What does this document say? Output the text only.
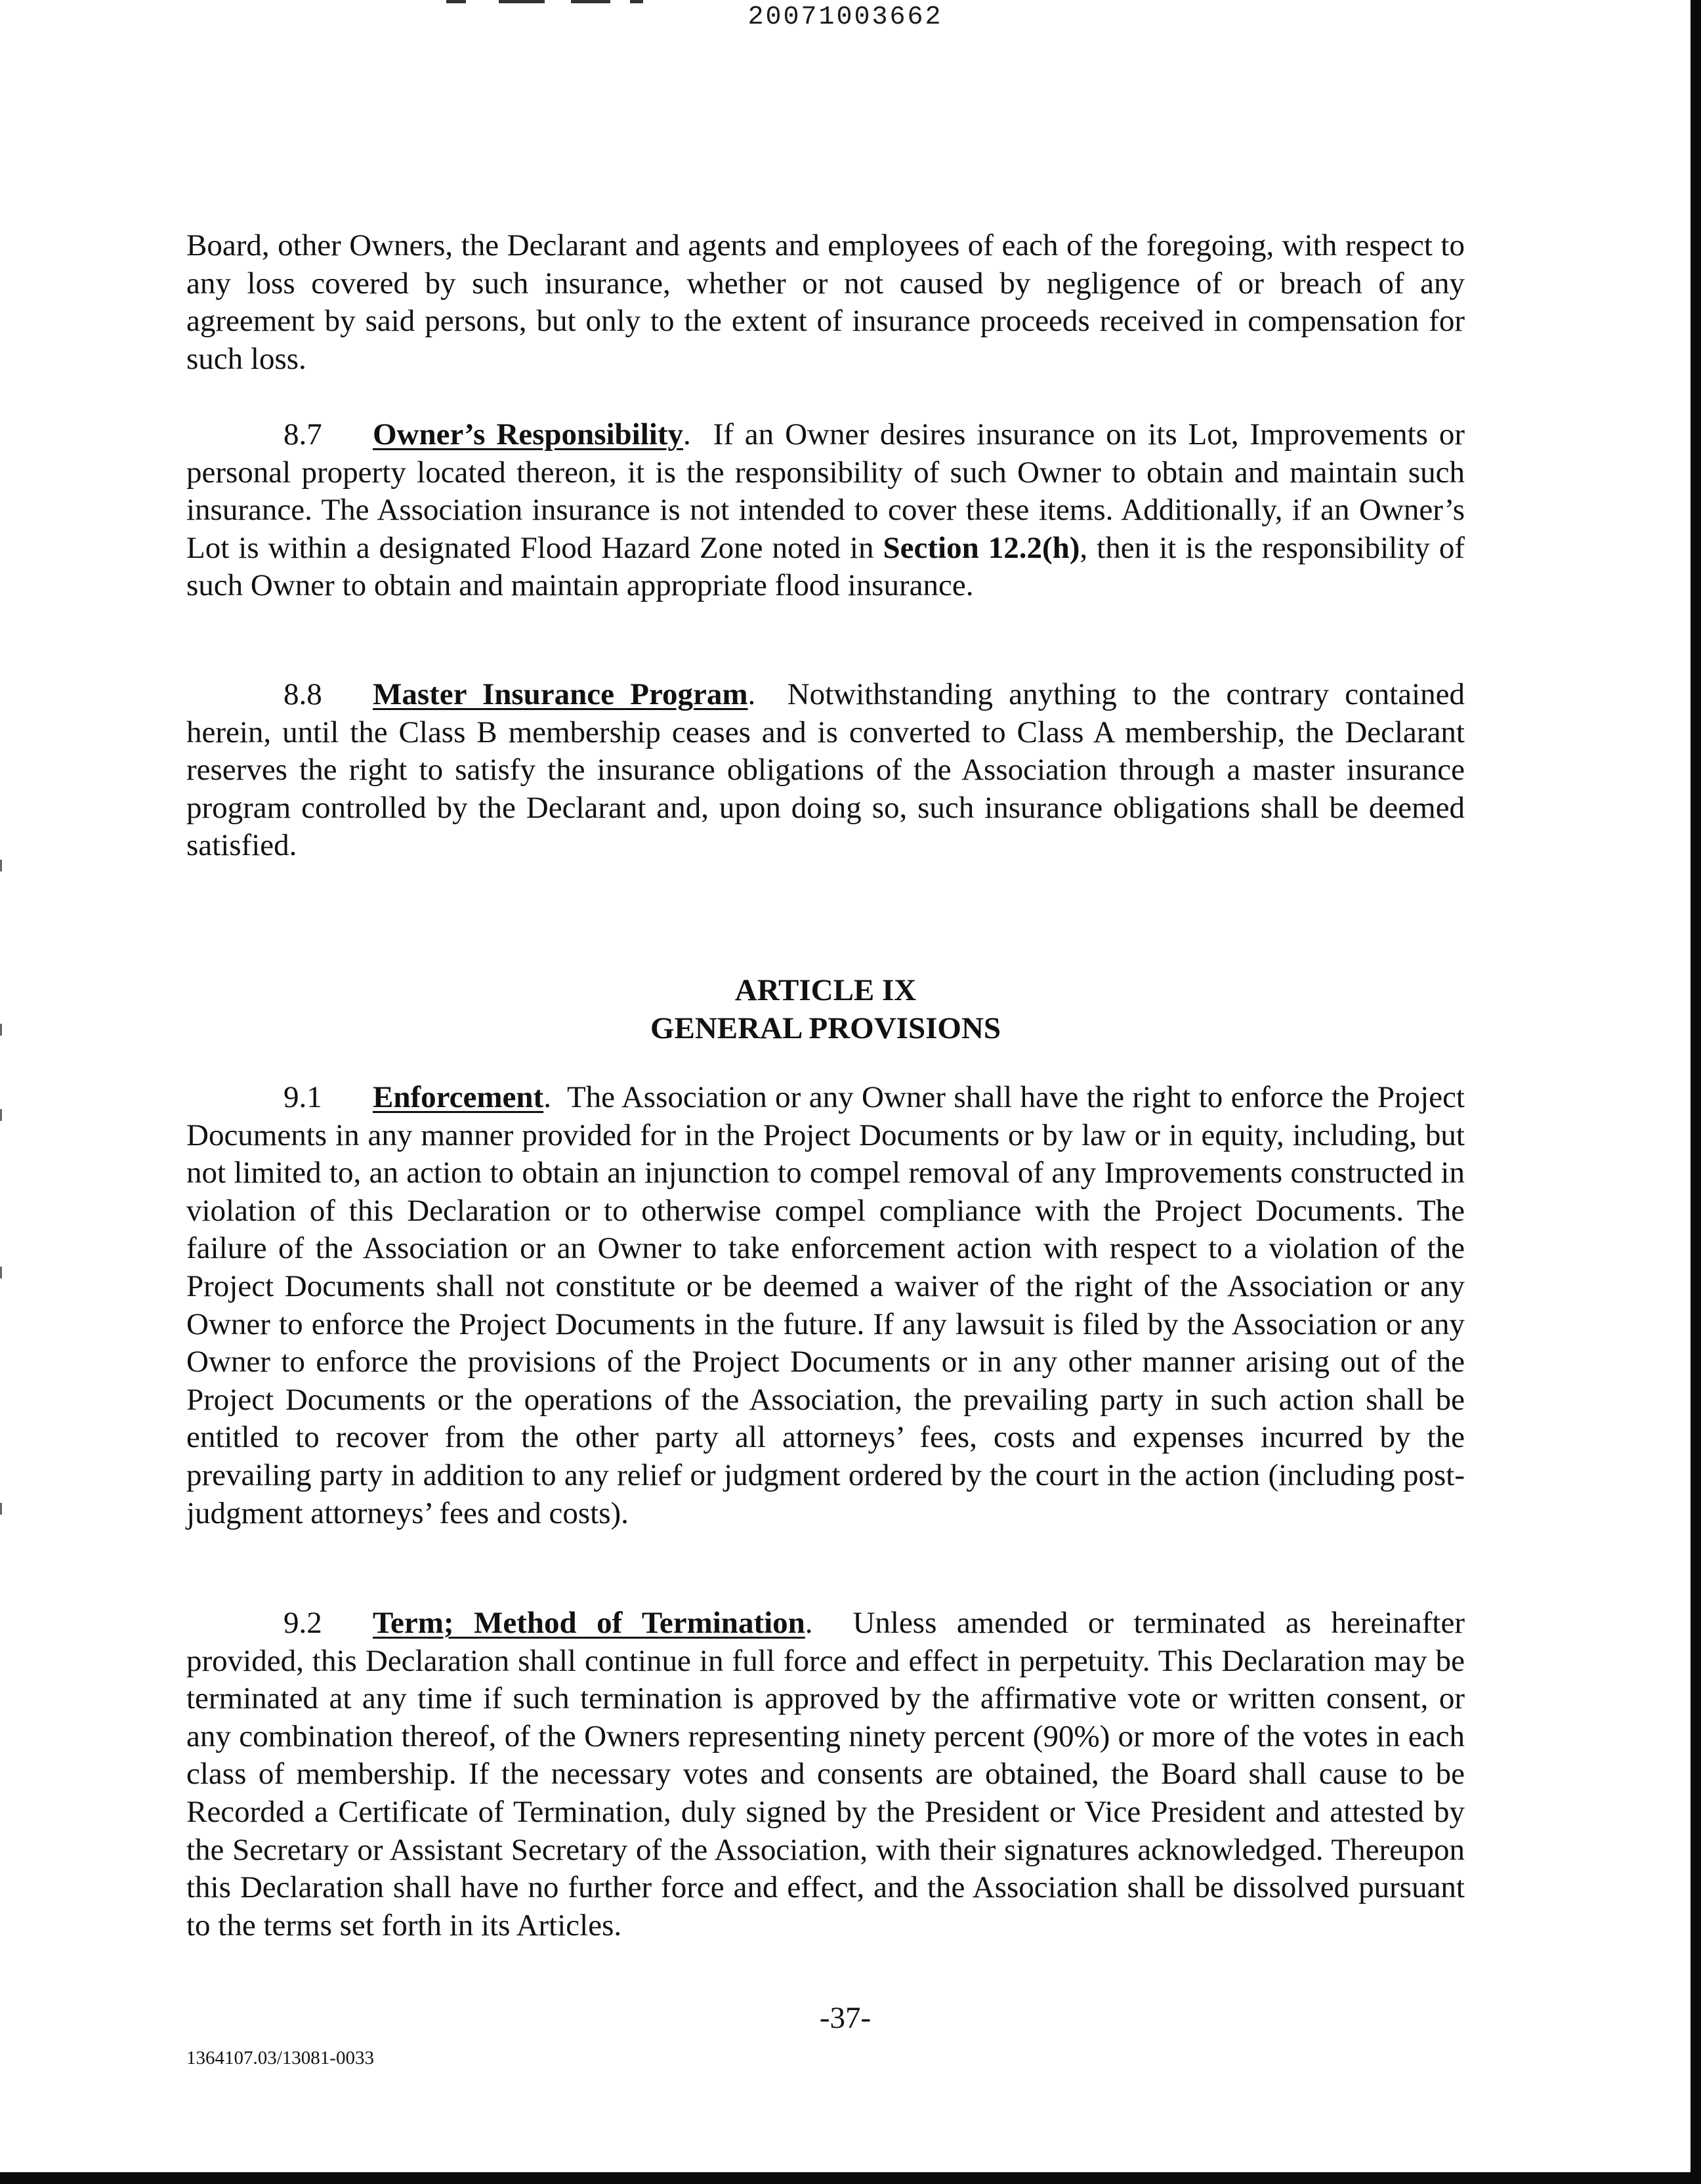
20071003662

Board, other Owners, the Declarant and agents and employees of each of the foregoing, with respect to any loss covered by such insurance, whether or not caused by negligence of or breach of any agreement by said persons, but only to the extent of insurance proceeds received in compensation for such loss.

8.7 Owner’s Responsibility.  If an Owner desires insurance on its Lot, Improvements or personal property located thereon, it is the responsibility of such Owner to obtain and maintain such insurance. The Association insurance is not intended to cover these items. Additionally, if an Owner’s Lot is within a designated Flood Hazard Zone noted in Section 12.2(h), then it is the responsibility of such Owner to obtain and maintain appropriate flood insurance.

8.8 Master Insurance Program.  Notwithstanding anything to the contrary contained herein, until the Class B membership ceases and is converted to Class A membership, the Declarant reserves the right to satisfy the insurance obligations of the Association through a master insurance program controlled by the Declarant and, upon doing so, such insurance obligations shall be deemed satisfied.

ARTICLE IX
GENERAL PROVISIONS

9.1 Enforcement.  The Association or any Owner shall have the right to enforce the Project Documents in any manner provided for in the Project Documents or by law or in equity, including, but not limited to, an action to obtain an injunction to compel removal of any Improvements constructed in violation of this Declaration or to otherwise compel compliance with the Project Documents. The failure of the Association or an Owner to take enforcement action with respect to a violation of the Project Documents shall not constitute or be deemed a waiver of the right of the Association or any Owner to enforce the Project Documents in the future. If any lawsuit is filed by the Association or any Owner to enforce the provisions of the Project Documents or in any other manner arising out of the Project Documents or the operations of the Association, the prevailing party in such action shall be entitled to recover from the other party all attorneys’ fees, costs and expenses incurred by the prevailing party in addition to any relief or judgment ordered by the court in the action (including post-judgment attorneys’ fees and costs).

9.2 Term; Method of Termination.  Unless amended or terminated as hereinafter provided, this Declaration shall continue in full force and effect in perpetuity. This Declaration may be terminated at any time if such termination is approved by the affirmative vote or written consent, or any combination thereof, of the Owners representing ninety percent (90%) or more of the votes in each class of membership. If the necessary votes and consents are obtained, the Board shall cause to be Recorded a Certificate of Termination, duly signed by the President or Vice President and attested by the Secretary or Assistant Secretary of the Association, with their signatures acknowledged. Thereupon this Declaration shall have no further force and effect, and the Association shall be dissolved pursuant to the terms set forth in its Articles.

-37-
1364107.03/13081-0033
